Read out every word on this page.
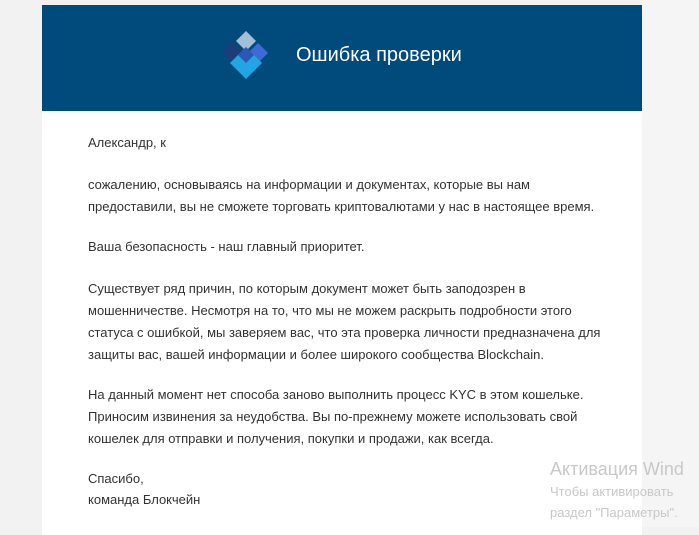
Ошибка проверки

Александр, к

сожалению, основываясь на информации и документах, которые вы нам предоставили, вы не сможете торговать криптовалютами у нас в настоящее время.

Ваша безопасность - наш главный приоритет.

Существует ряд причин, по которым документ может быть заподозрен в мошенничестве. Несмотря на то, что мы не можем раскрыть подробности этого статуса с ошибкой, мы заверяем вас, что эта проверка личности предназначена для защиты вас, вашей информации и более широкого сообщества Blockchain.

На данный момент нет способа заново выполнить процесс KYC в этом кошельке. Приносим извинения за неудобства. Вы по-прежнему можете использовать свой кошелек для отправки и получения, покупки и продажи, как всегда.

Спасибо,

команда Блокчейн

Активация Wind
Чтобы активировать
раздел "Параметры".
